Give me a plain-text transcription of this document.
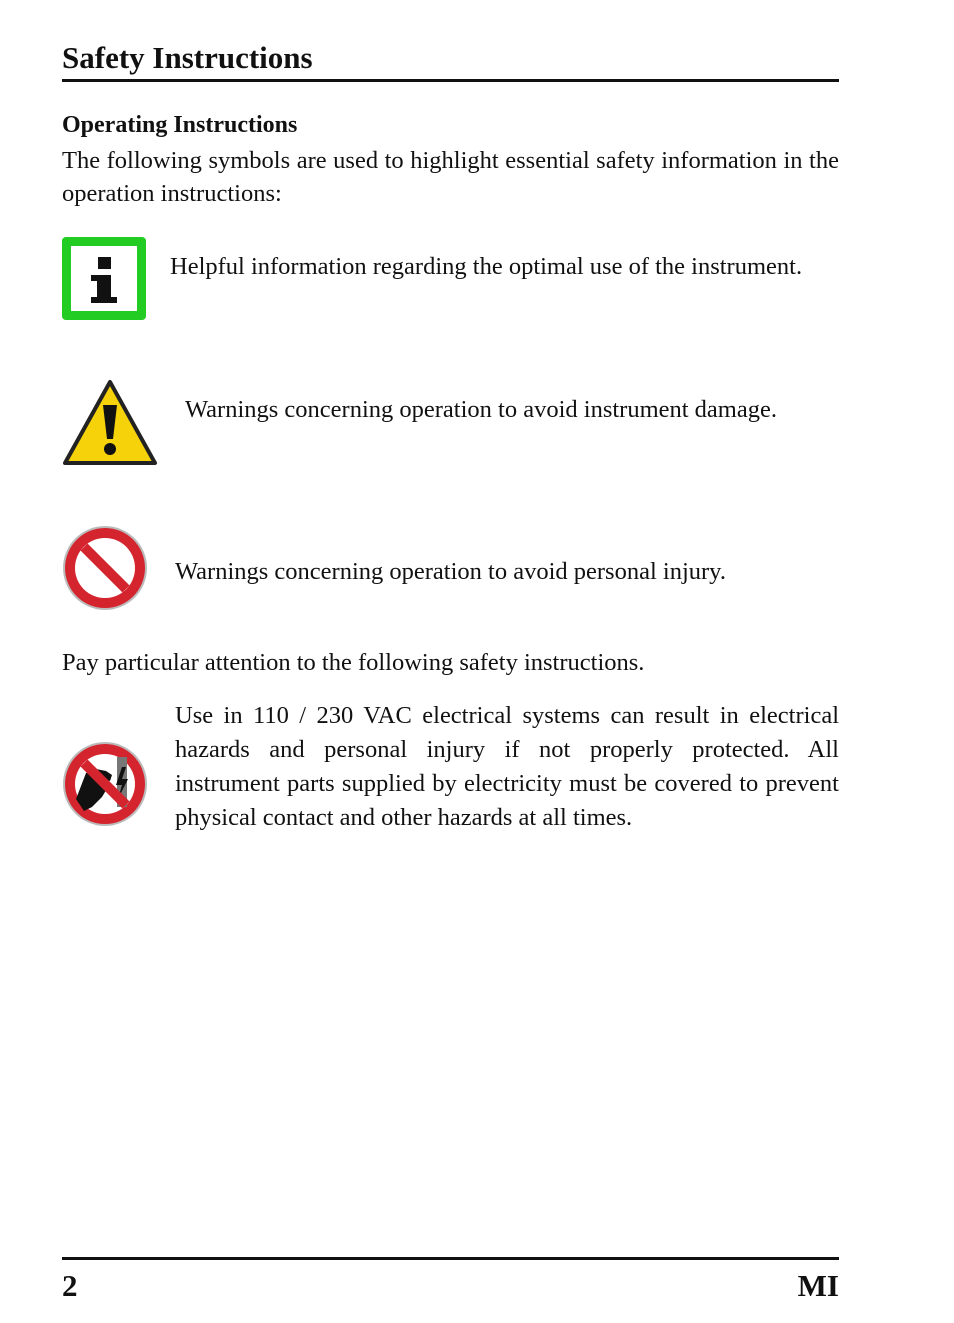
Safety Instructions
Operating Instructions
The following symbols are used to highlight essential safety information in the operation instructions:
Helpful information regarding the optimal use of the instrument.
Warnings concerning operation to avoid instrument damage.
Warnings concerning operation to avoid personal injury.
Pay particular attention to the following safety instructions.
Use in 110 / 230 VAC electrical systems can result in electrical hazards and personal injury if not properly protected. All instrument parts supplied by electricity must be covered to prevent physical contact and other hazards at all times.
2	MI
